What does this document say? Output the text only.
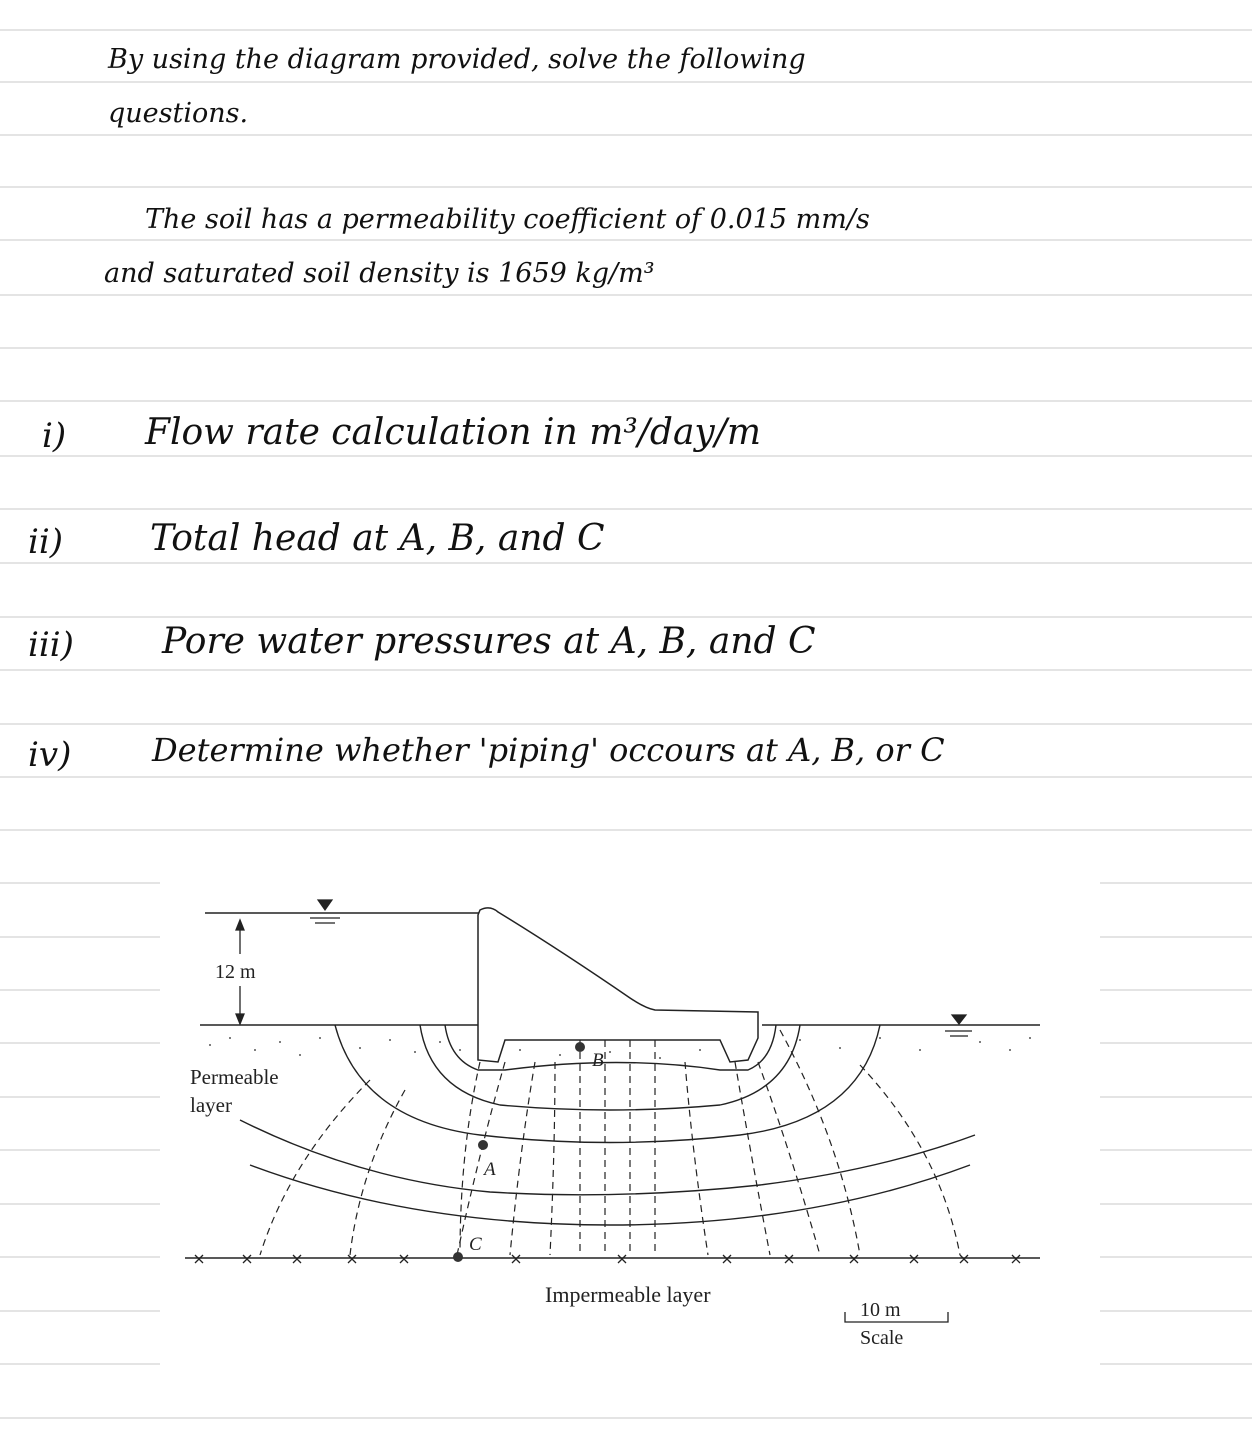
By using the diagram provided, solve the following

questions.

The soil has a permeability coefficient of 0.015 mm/s

and saturated soil density is 1659 kg/m³

i) Flow rate calculation in m³/day/m

ii) Total head at A, B, and C

iii) Pore water pressures at A, B, and C

iv)	Determine whether 'piping' occours at A, B, or C

12 m
Permeable
layer
A
B
C
Impermeable layer
10 m
Scale
